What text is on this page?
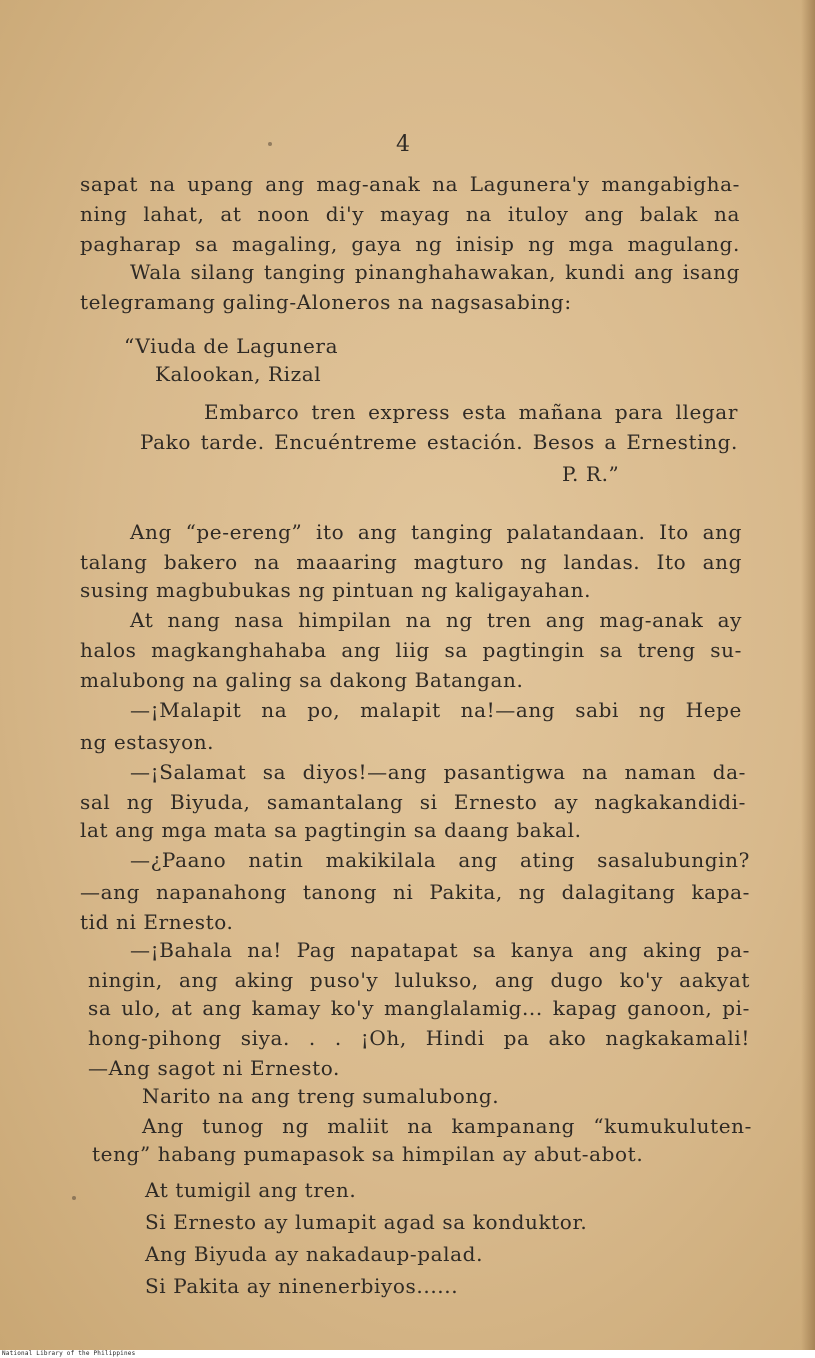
4
sapat na upang ang mag-anak na Lagunera'y mangabigha-
ning lahat, at noon di'y mayag na ituloy ang balak na
pagharap sa magaling, gaya ng inisip ng mga magulang.
Wala silang tanging pinanghahawakan, kundi ang isang
telegramang galing-Aloneros na nagsasabing:
“Viuda de Lagunera
Kalookan, Rizal
Embarco tren express esta mañana para llegar
Pako tarde. Encuéntreme estación. Besos a Ernesting.
P. R.”
Ang “pe-ereng” ito ang tanging palatandaan. Ito ang
talang bakero na maaaring magturo ng landas. Ito ang
susing magbubukas ng pintuan ng kaligayahan.
At nang nasa himpilan na ng tren ang mag-anak ay
halos magkanghahaba ang liig sa pagtingin sa treng su-
malubong na galing sa dakong Batangan.
—¡Malapit na po, malapit na!—ang sabi ng Hepe
ng estasyon.
—¡Salamat sa diyos!—ang pasantigwa na naman da-
sal ng Biyuda, samantalang si Ernesto ay nagkakandidi-
lat ang mga mata sa pagtingin sa daang bakal.
—¿Paano natin makikilala ang ating sasalubungin?
—ang napanahong tanong ni Pakita, ng dalagitang kapa-
tid ni Ernesto.
—¡Bahala na! Pag napatapat sa kanya ang aking pa-
ningin, ang aking puso'y lulukso, ang dugo ko'y aakyat
sa ulo, at ang kamay ko'y manglalamig... kapag ganoon, pi-
hong-pihong siya. . . ¡Oh, Hindi pa ako nagkakamali!
—Ang sagot ni Ernesto.
Narito na ang treng sumalubong.
Ang tunog ng maliit na kampanang “kumukuluten-
teng” habang pumapasok sa himpilan ay abut-abot.
At tumigil ang tren.
Si Ernesto ay lumapit agad sa konduktor.
Ang Biyuda ay nakadaup-palad.
Si Pakita ay ninenerbiyos......
National Library of the Philippines
